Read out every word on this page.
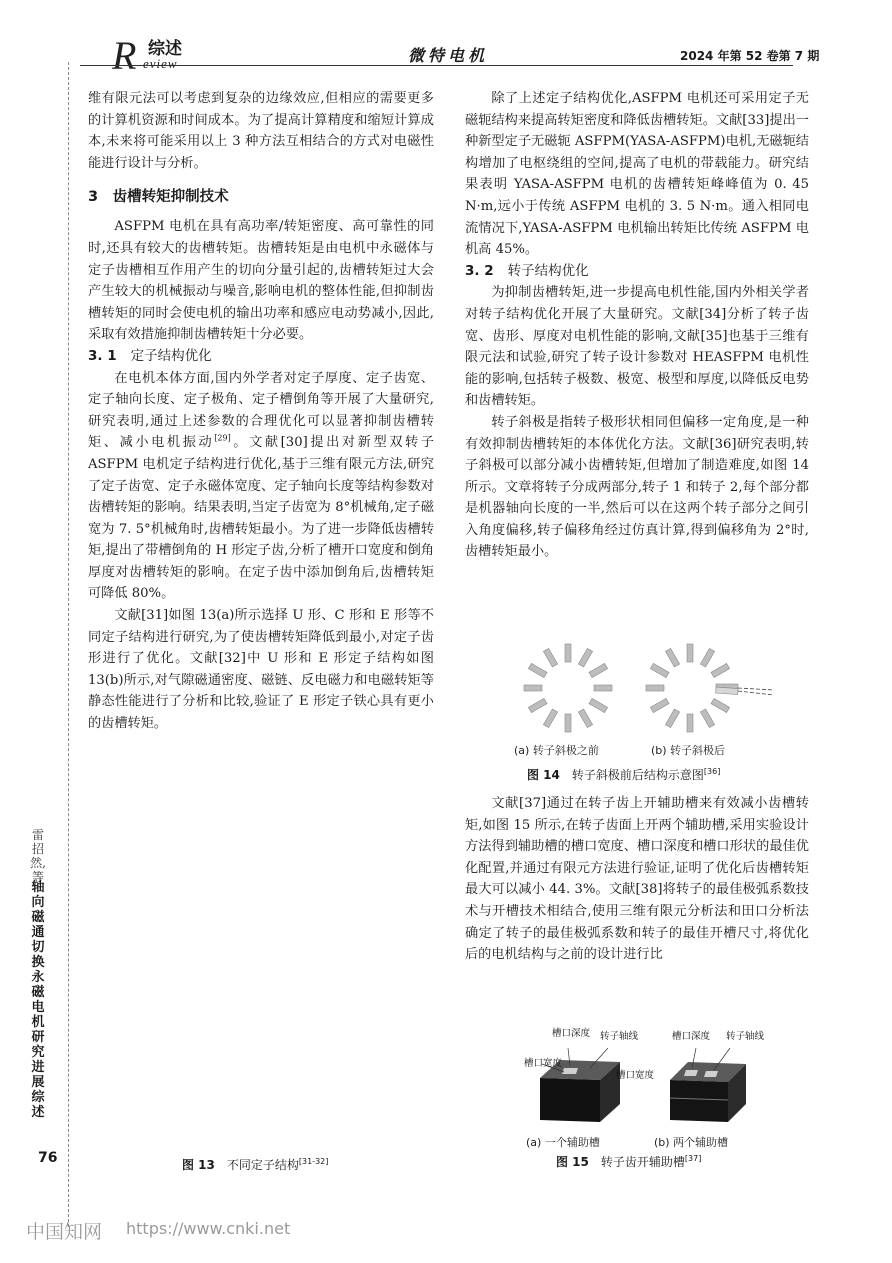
R 综述
eview	微特电机	2024 年第 52 卷第 7 期

维有限元法可以考虑到复杂的边缘效应,但相应的需要更多的计算机资源和时间成本。为了提高计算精度和缩短计算成本,未来将可能采用以上 3 种方法互相结合的方式对电磁性能进行设计与分析。

3　齿槽转矩抑制技术

ASFPM 电机在具有高功率/转矩密度、高可靠性的同时,还具有较大的齿槽转矩。齿槽转矩是由电机中永磁体与定子齿槽相互作用产生的切向分量引起的,齿槽转矩过大会产生较大的机械振动与噪音,影响电机的整体性能,但抑制齿槽转矩的同时会使电机的输出功率和感应电动势减小,因此,采取有效措施抑制齿槽转矩十分必要。

3. 1 定子结构优化

在电机本体方面,国内外学者对定子厚度、定子齿宽、定子轴向长度、定子极角、定子槽倒角等开展了大量研究,研究表明,通过上述参数的合理优化可以显著抑制齿槽转矩、减小电机振动[29]。文献[30]提出对新型双转子 ASFPM 电机定子结构进行优化,基于三维有限元方法,研究了定子齿宽、定子永磁体宽度、定子轴向长度等结构参数对齿槽转矩的影响。结果表明,当定子齿宽为 8°机械角,定子磁宽为 7. 5°机械角时,齿槽转矩最小。为了进一步降低齿槽转矩,提出了带槽倒角的 H 形定子齿,分析了槽开口宽度和倒角厚度对齿槽转矩的影响。在定子齿中添加倒角后,齿槽转矩可降低 80%。

文献[31]如图 13(a)所示选择 U 形、C 形和 E 形等不同定子结构进行研究,为了使齿槽转矩降低到最小,对定子齿形进行了优化。文献[32]中 U 形和 E 形定子结构如图 13(b)所示,对气隙磁通密度、磁链、反电磁力和电磁转矩等静态性能进行了分析和比较,验证了 E 形定子铁心具有更小的齿槽转矩。

除了上述定子结构优化,ASFPM 电机还可采用定子无磁轭结构来提高转矩密度和降低齿槽转矩。文献[33]提出一种新型定子无磁轭 ASFPM(YASA-ASFPM)电机,无磁轭结构增加了电枢绕组的空间,提高了电机的带载能力。研究结果表明 YASA-ASFPM 电机的齿槽转矩峰峰值为 0. 45 N·m,远小于传统 ASFPM 电机的 3. 5 N·m。通入相同电流情况下,YASA-ASFPM 电机输出转矩比传统 ASFPM 电机高 45%。

3. 2 转子结构优化

为抑制齿槽转矩,进一步提高电机性能,国内外相关学者对转子结构优化开展了大量研究。文献[34]分析了转子齿宽、齿形、厚度对电机性能的影响,文献[35]也基于三维有限元法和试验,研究了转子设计参数对 HEASFPM 电机性能的影响,包括转子极数、极宽、极型和厚度,以降低反电势和齿槽转矩。

转子斜极是指转子极形状相同但偏移一定角度,是一种有效抑制齿槽转矩的本体优化方法。文献[36]研究表明,转子斜极可以部分减小齿槽转矩,但增加了制造难度,如图 14 所示。文章将转子分成两部分,转子 1 和转子 2,每个部分都是机器轴向长度的一半,然后可以在这两个转子部分之间引入角度偏移,转子偏移角经过仿真计算,得到偏移角为 2°时,齿槽转矩最小。

文献[37]通过在转子齿上开辅助槽来有效减小齿槽转矩,如图 15 所示,在转子齿面上开两个辅助槽,采用实验设计方法得到辅助槽的槽口宽度、槽口深度和槽口形状的最佳优化配置,并通过有限元方法进行验证,证明了优化后齿槽转矩最大可以减小 44. 3%。文献[38]将转子的最佳极弧系数技术与开槽技术相结合,使用三维有限元分析法和田口分析法确定了转子的最佳极弧系数和转子的最佳开槽尺寸,将优化后的电机结构与之前的设计进行比

(a) 转子斜极之前	(b) 转子斜极后
图 14 转子斜极前后结构示意图[36]
槽口深度 转子轴线
槽口宽度
槽口深度 转子轴线
槽口宽度
(a) 一个辅助槽	(b) 两个辅助槽
图 15 转子齿开辅助槽[37]
图 13 不同定子结构[31-32]
雷招然,等
轴向磁通切换永磁电机研究进展综述
76
中国知网 https://www.cnki.net
